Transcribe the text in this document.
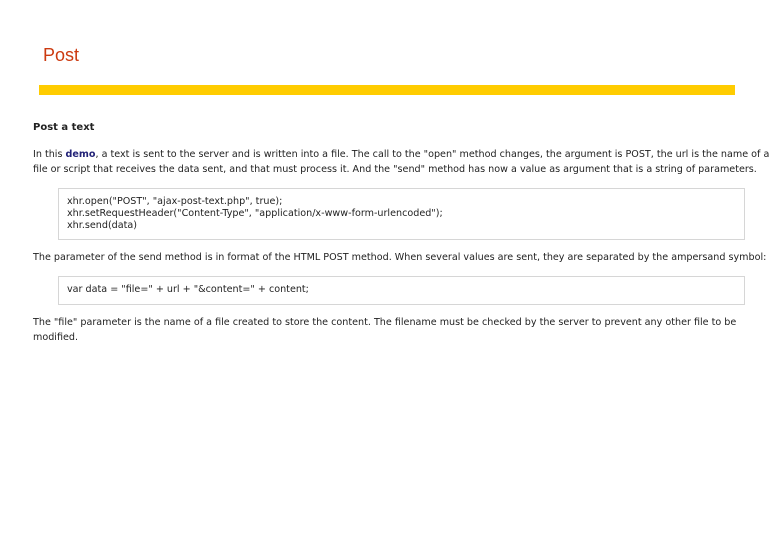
Post
Post a text

In this demo, a text is sent to the server and is written into a file. The call to the "open" method changes, the argument is POST, the url is the name of a file or script that receives the data sent, and that must process it. And the "send" method has now a value as argument that is a string of parameters.

xhr.open("POST", "ajax-post-text.php", true);
xhr.setRequestHeader("Content-Type", "application/x-www-form-urlencoded");
xhr.send(data)

The parameter of the send method is in format of the HTML POST method. When several values are sent, they are separated by the ampersand symbol:

var data = "file=" + url + "&content=" + content;

The "file" parameter is the name of a file created to store the content. The filename must be checked by the server to prevent any other file to be modified.
